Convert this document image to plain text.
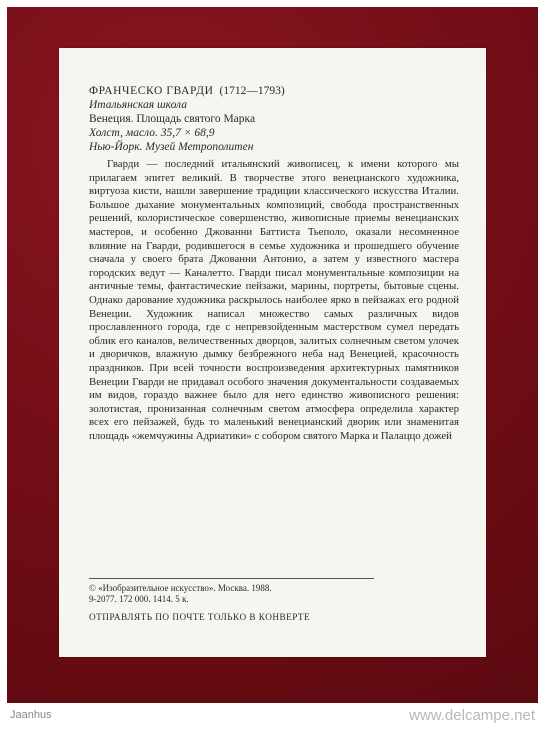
ФРАНЧЕСКО ГВАРДИ (1712—1793)
Итальянская школа
Венеция. Площадь святого Марка
Холст, масло. 35,7 × 68,9
Нью-Йорк. Музей Метрополитен

Гварди — последний итальянский живописец, к имени которого мы прилагаем эпитет великий. В творчестве этого венецианского художника, виртуоза кисти, нашли завершение традиции классического искусства Италии. Большое дыхание монументальных композиций, свобода пространственных решений, колористическое совершенство, живописные приемы венецианских мастеров, и особенно Джованни Баттиста Тьеполо, оказали несомненное влияние на Гварди, родившегося в семье художника и прошедшего обучение сначала у своего брата Джованни Антонио, а затем у известного мастера городских ведут — Каналетто. Гварди писал монументальные композиции на античные темы, фантастические пейзажи, марины, портреты, бытовые сцены. Однако дарование художника раскрылось наиболее ярко в пейзажах его родной Венеции. Художник написал множество самых различных видов прославленного города, где с непревзойденным мастерством сумел передать облик его каналов, величественных дворцов, залитых солнечным светом улочек и дворичков, влажную дымку безбрежного неба над Венецией, красочность праздников. При всей точности воспроизведения архитектурных памятников Венеции Гварди не придавал особого значения документальности создаваемых им видов, гораздо важнее было для него единство живописного решения: золотистая, пронизанная солнечным светом атмосфера определила характер всех его пейзажей, будь то маленький венецианский дворик или знаменитая площадь «жемчужины Адриатики» с собором святого Марка и Палаццо дожей

© «Изобразительное искусство». Москва. 1988.
9-2077. 172 000. 1414. 5 к.
ОТПРАВЛЯТЬ ПО ПОЧТЕ ТОЛЬКО В КОНВЕРТЕ
Jaanhus	www.delcampe.net
